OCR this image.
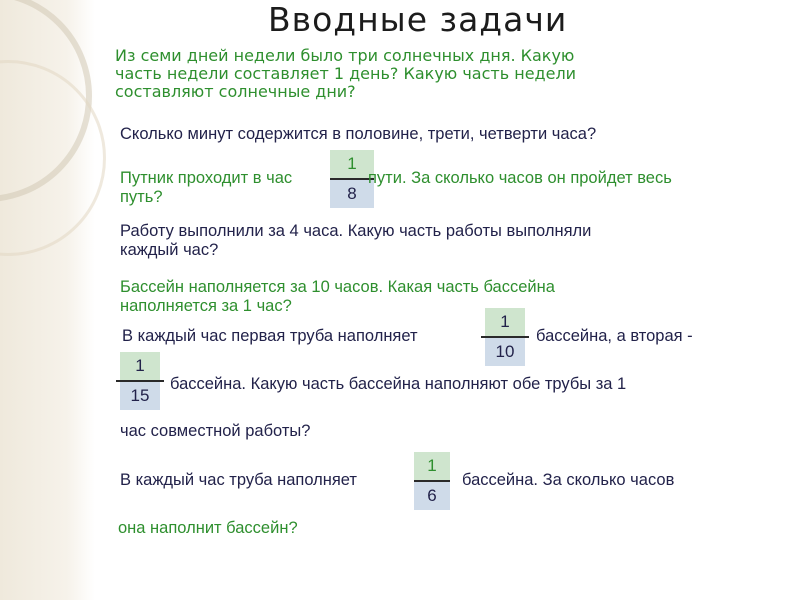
Вводные задачи
Из семи дней недели было три солнечных дня. Какую
часть недели составляет 1 день? Какую часть недели
составляют солнечные дни?
Сколько минут содержится в половине, трети, четверти часа?
Путник проходит в час
1
8
пути. За сколько часов он пройдет весь
путь?
Работу выполнили за 4 часа. Какую часть работы выполняли
каждый час?
Бассейн наполняется за 10 часов. Какая часть бассейна
наполняется за 1 час?
В каждый час первая труба наполняет
1
10
бассейна, а вторая -
1
15
бассейна. Какую часть бассейна наполняют обе трубы за 1
час совместной работы?
В каждый час труба наполняет
1
6
бассейна. За сколько часов
она наполнит бассейн?
